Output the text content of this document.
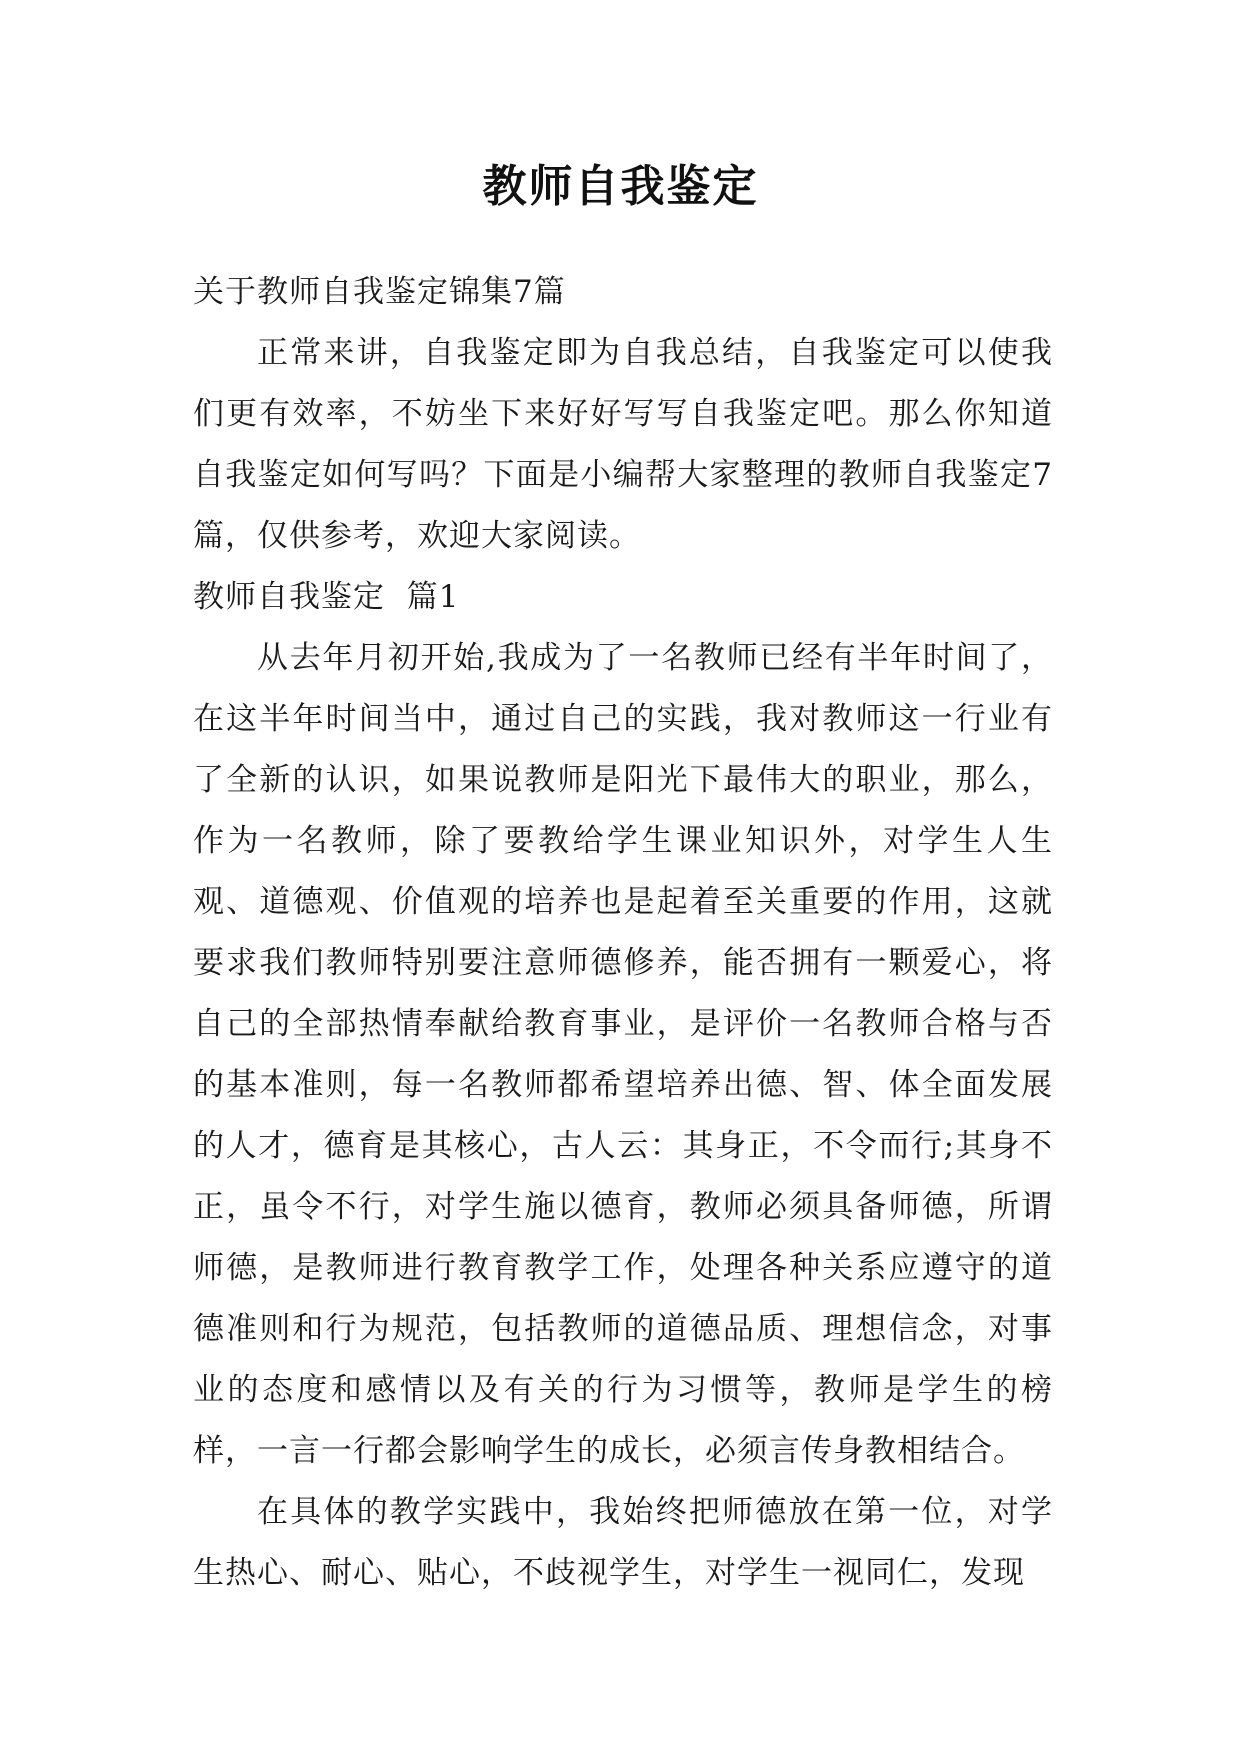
教师自我鉴定

关于教师自我鉴定锦集7篇

正常来讲，自我鉴定即为自我总结，自我鉴定可以使我们更有效率，不妨坐下来好好写写自我鉴定吧。那么你知道自我鉴定如何写吗？下面是小编帮大家整理的教师自我鉴定7篇，仅供参考，欢迎大家阅读。

教师自我鉴定  篇1

从去年月初开始,我成为了一名教师已经有半年时间了，在这半年时间当中，通过自己的实践，我对教师这一行业有了全新的认识，如果说教师是阳光下最伟大的职业，那么，作为一名教师，除了要教给学生课业知识外，对学生人生观、道德观、价值观的培养也是起着至关重要的作用，这就要求我们教师特别要注意师德修养，能否拥有一颗爱心，将自己的全部热情奉献给教育事业，是评价一名教师合格与否的基本准则，每一名教师都希望培养出德、智、体全面发展的人才，德育是其核心，古人云：其身正，不令而行;其身不正，虽令不行，对学生施以德育，教师必须具备师德，所谓师德，是教师进行教育教学工作，处理各种关系应遵守的道德准则和行为规范，包括教师的道德品质、理想信念，对事业的态度和感情以及有关的行为习惯等，教师是学生的榜样，一言一行都会影响学生的成长，必须言传身教相结合。

在具体的教学实践中，我始终把师德放在第一位，对学生热心、耐心、贴心，不歧视学生，对学生一视同仁，发现
